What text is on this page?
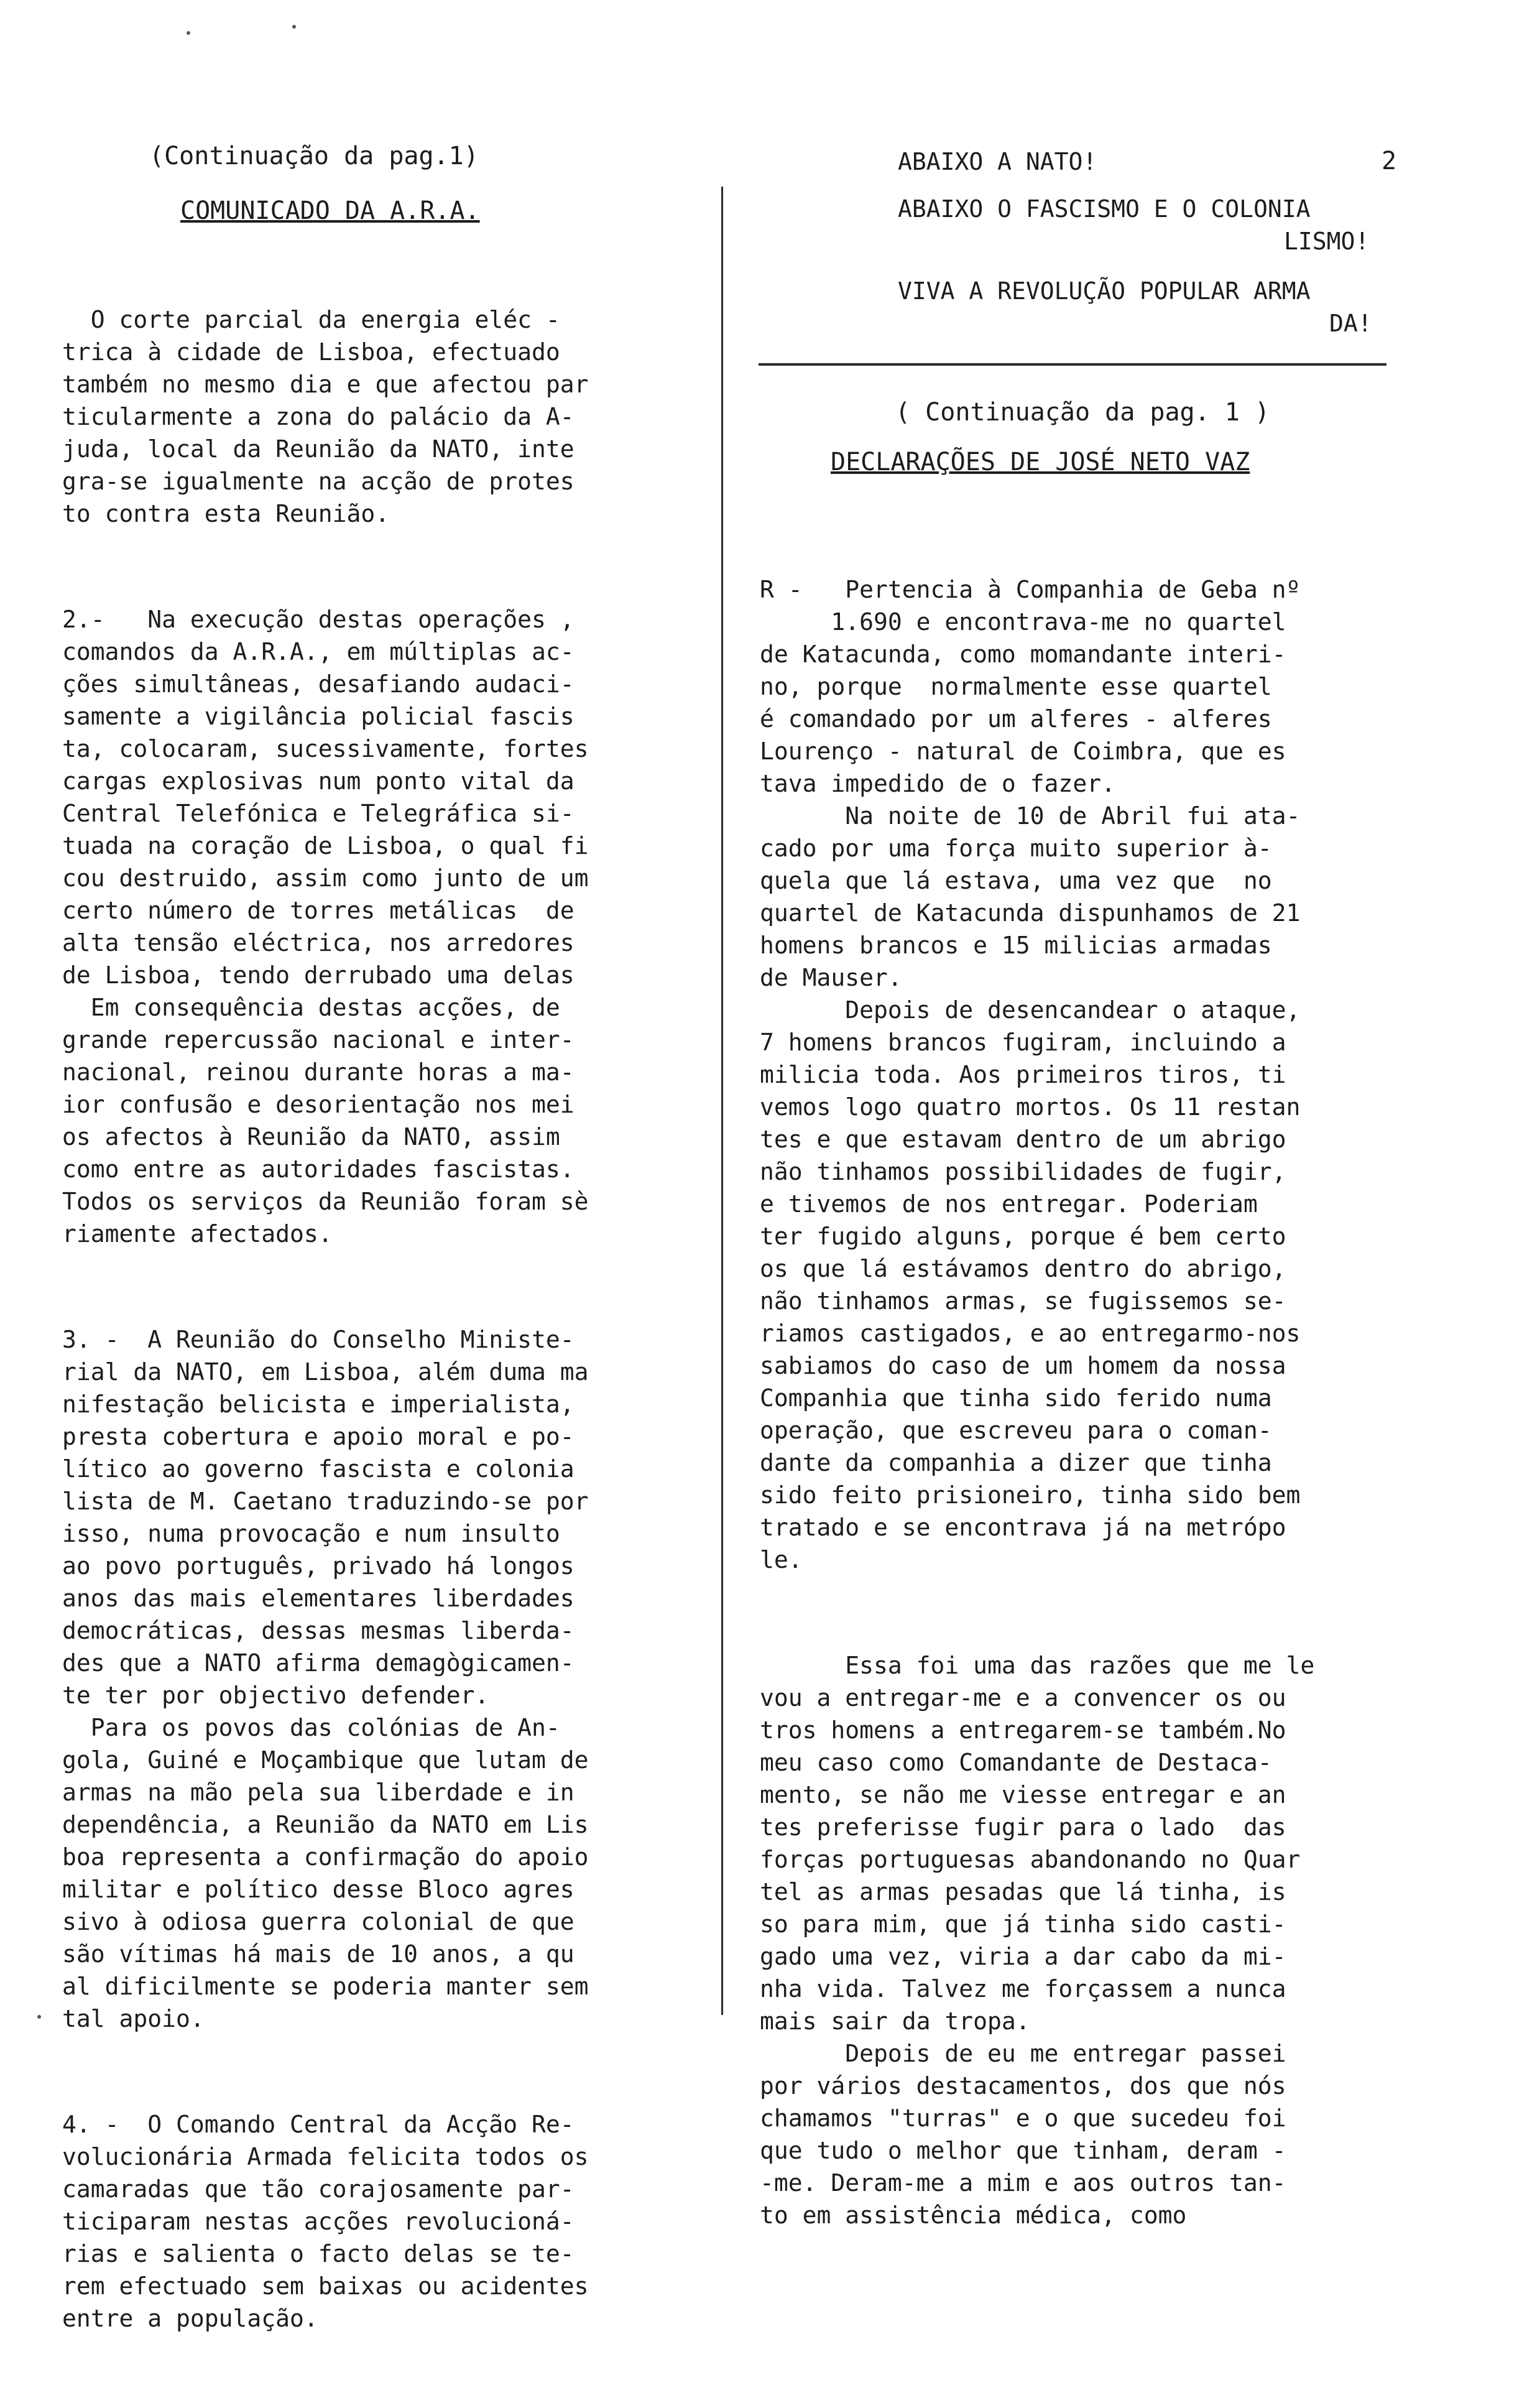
(Continuação da pag.1)
COMUNICADO DA A.R.A.

O corte parcial da energia eléc -
trica à cidade de Lisboa, efectuado
também no mesmo dia e que afectou par
ticularmente a zona do palácio da A-
juda, local da Reunião da NATO, inte
gra-se igualmente na acção de protes
to contra esta Reunião.

2.-   Na execução destas operações ,
comandos da A.R.A., em múltiplas ac-
ções simultâneas, desafiando audaci-
samente a vigilância policial fascis
ta, colocaram, sucessivamente, fortes
cargas explosivas num ponto vital da
Central Telefónica e Telegráfica si-
tuada na coração de Lisboa, o qual fi
cou destruido, assim como junto de um
certo número de torres metálicas  de
alta tensão eléctrica, nos arredores
de Lisboa, tendo derrubado uma delas
Em consequência destas acções, de
grande repercussão nacional e inter-
nacional, reinou durante horas a ma-
ior confusão e desorientação nos mei
os afectos à Reunião da NATO, assim
como entre as autoridades fascistas.
Todos os serviços da Reunião foram sè
riamente afectados.

3. -  A Reunião do Conselho Ministe-
rial da NATO, em Lisboa, além duma ma
nifestação belicista e imperialista,
presta cobertura e apoio moral e po-
lítico ao governo fascista e colonia
lista de M. Caetano traduzindo-se por
isso, numa provocação e num insulto
ao povo português, privado há longos
anos das mais elementares liberdades
democráticas, dessas mesmas liberda-
des que a NATO afirma demagògicamen-
te ter por objectivo defender.
Para os povos das colónias de An-
gola, Guiné e Moçambique que lutam de
armas na mão pela sua liberdade e in
dependência, a Reunião da NATO em Lis
boa representa a confirmação do apoio
militar e político desse Bloco agres
sivo à odiosa guerra colonial de que
são vítimas há mais de 10 anos, a qu
al dificilmente se poderia manter sem
tal apoio.

4. -  O Comando Central da Acção Re-
volucionária Armada felicita todos os
camaradas que tão corajosamente par-
ticiparam nestas acções revolucioná-
rias e salienta o facto delas se te-
rem efectuado sem baixas ou acidentes
entre a população.

ABAIXO A NATO!	2
ABAIXO O FASCISMO E O COLONIA
LISMO!
VIVA A REVOLUÇÃO POPULAR ARMA
DA!
( Continuação da pag. 1 )
DECLARAÇÕES DE JOSÉ NETO VAZ

R -   Pertencia à Companhia de Geba nº
1.690 e encontrava-me no quartel
de Katacunda, como momandante interi-
no, porque  normalmente esse quartel
é comandado por um alferes - alferes
Lourenço - natural de Coimbra, que es
tava impedido de o fazer.
Na noite de 10 de Abril fui ata-
cado por uma força muito superior à-
quela que lá estava, uma vez que  no
quartel de Katacunda dispunhamos de 21
homens brancos e 15 milicias armadas
de Mauser.
Depois de desencandear o ataque,
7 homens brancos fugiram, incluindo a
milicia toda. Aos primeiros tiros, ti
vemos logo quatro mortos. Os 11 restan
tes e que estavam dentro de um abrigo
não tinhamos possibilidades de fugir,
e tivemos de nos entregar. Poderiam
ter fugido alguns, porque é bem certo
os que lá estávamos dentro do abrigo,
não tinhamos armas, se fugissemos se-
riamos castigados, e ao entregarmo-nos
sabiamos do caso de um homem da nossa
Companhia que tinha sido ferido numa
operação, que escreveu para o coman-
dante da companhia a dizer que tinha
sido feito prisioneiro, tinha sido bem
tratado e se encontrava já na metrópo
le.

Essa foi uma das razões que me le
vou a entregar-me e a convencer os ou
tros homens a entregarem-se também.No
meu caso como Comandante de Destaca-
mento, se não me viesse entregar e an
tes preferisse fugir para o lado  das
forças portuguesas abandonando no Quar
tel as armas pesadas que lá tinha, is
so para mim, que já tinha sido casti-
gado uma vez, viria a dar cabo da mi-
nha vida. Talvez me forçassem a nunca
mais sair da tropa.
Depois de eu me entregar passei
por vários destacamentos, dos que nós
chamamos "turras" e o que sucedeu foi
que tudo o melhor que tinham, deram -
-me. Deram-me a mim e aos outros tan-
to em assistência médica, como
